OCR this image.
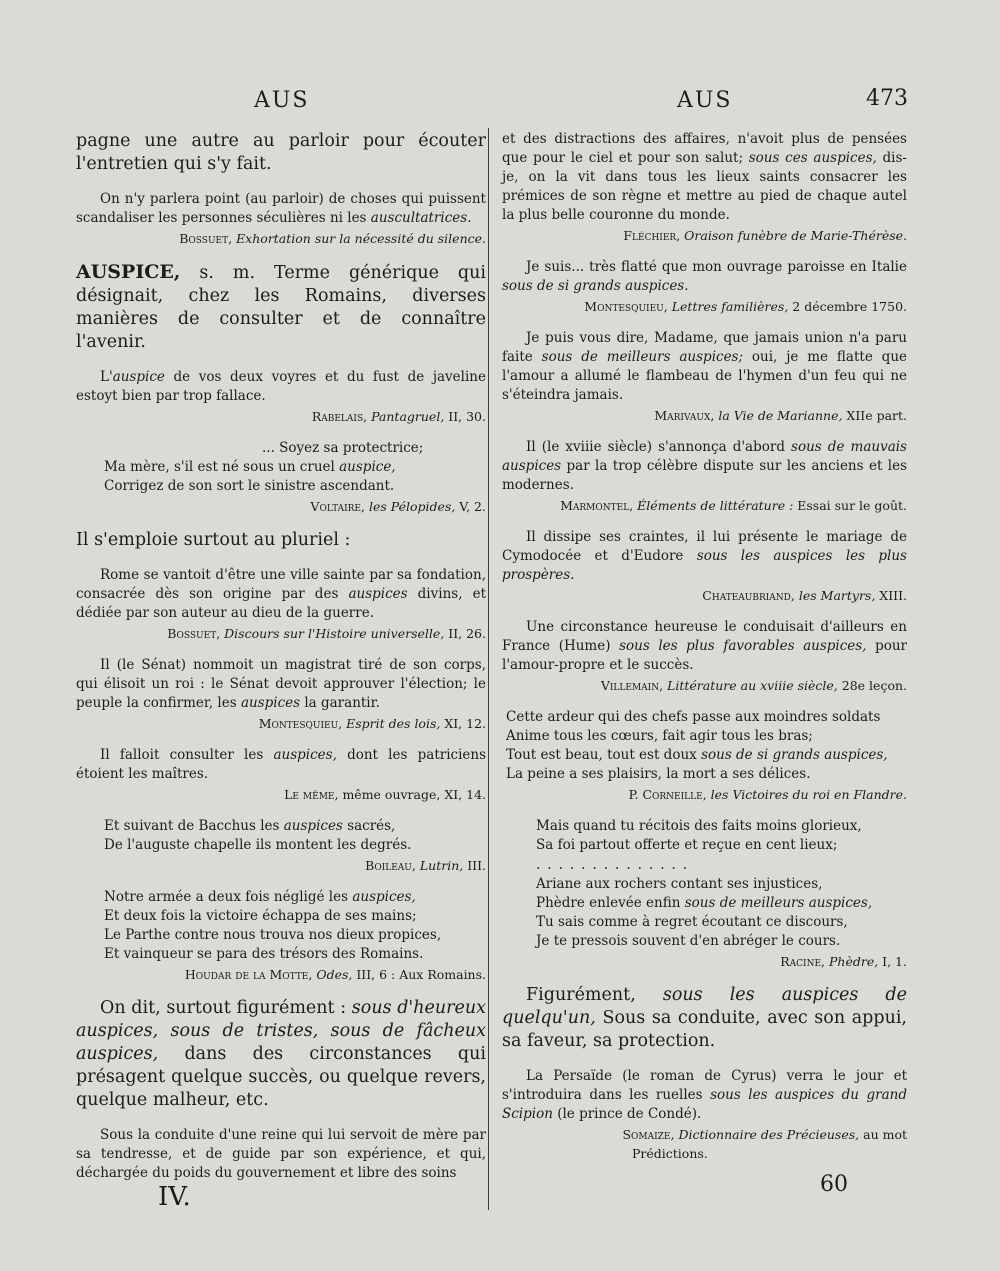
AUS	AUS	473

pagne une autre au parloir pour écouter l'entretien qui s'y fait.

On n'y parlera point (au parloir) de choses qui puissent scandaliser les personnes séculières ni les auscultatrices.

Bossuet, Exhortation sur la nécessité du silence.

AUSPICE, s. m. Terme générique qui désignait, chez les Romains, diverses manières de consulter et de connaître l'avenir.

L'auspice de vos deux voyres et du fust de javeline estoyt bien par trop fallace.

Rabelais, Pantagruel, II, 30.

... Soyez sa protectrice;

Ma mère, s'il est né sous un cruel auspice,

Corrigez de son sort le sinistre ascendant.

Voltaire, les Pélopides, V, 2.

Il s'emploie surtout au pluriel :

Rome se vantoit d'être une ville sainte par sa fondation, consacrée dès son origine par des auspices divins, et dédiée par son auteur au dieu de la guerre.

Bossuet, Discours sur l'Histoire universelle, II, 26.

Il (le Sénat) nommoit un magistrat tiré de son corps, qui élisoit un roi : le Sénat devoit approuver l'élection; le peuple la confirmer, les auspices la garantir.

Montesquieu, Esprit des lois, XI, 12.

Il falloit consulter les auspices, dont les patriciens étoient les maîtres.

Le même, même ouvrage, XI, 14.

Et suivant de Bacchus les auspices sacrés,

De l'auguste chapelle ils montent les degrés.

Boileau, Lutrin, III.

Notre armée a deux fois négligé les auspices,

Et deux fois la victoire échappa de ses mains;

Le Parthe contre nous trouva nos dieux propices,

Et vainqueur se para des trésors des Romains.

Houdar de la Motte, Odes, III, 6 : Aux Romains.

On dit, surtout figurément : sous d'heureux auspices, sous de tristes, sous de fâcheux auspices, dans des circonstances qui présagent quelque succès, ou quelque revers, quelque malheur, etc.

Sous la conduite d'une reine qui lui servoit de mère par sa tendresse, et de guide par son expérience, et qui, déchargée du poids du gouvernement et libre des soins

et des distractions des affaires, n'avoit plus de pensées que pour le ciel et pour son salut; sous ces auspices, dis-je, on la vit dans tous les lieux saints consacrer les prémices de son règne et mettre au pied de chaque autel la plus belle couronne du monde.

Fléchier, Oraison funèbre de Marie-Thérèse.

Je suis... très flatté que mon ouvrage paroisse en Italie sous de si grands auspices.

Montesquieu, Lettres familières, 2 décembre 1750.

Je puis vous dire, Madame, que jamais union n'a paru faite sous de meilleurs auspices; oui, je me flatte que l'amour a allumé le flambeau de l'hymen d'un feu qui ne s'éteindra jamais.

Marivaux, la Vie de Marianne, XIIe part.

Il (le xviiie siècle) s'annonça d'abord sous de mauvais auspices par la trop célèbre dispute sur les anciens et les modernes.

Marmontel, Éléments de littérature : Essai sur le goût.

Il dissipe ses craintes, il lui présente le mariage de Cymodocée et d'Eudore sous les auspices les plus prospères.

Chateaubriand, les Martyrs, XIII.

Une circonstance heureuse le conduisait d'ailleurs en France (Hume) sous les plus favorables auspices, pour l'amour-propre et le succès.

Villemain, Littérature au xviiie siècle, 28e leçon.

Cette ardeur qui des chefs passe aux moindres soldats

Anime tous les cœurs, fait agir tous les bras;

Tout est beau, tout est doux sous de si grands auspices,

La peine a ses plaisirs, la mort a ses délices.

P. Corneille, les Victoires du roi en Flandre.

Mais quand tu récitois des faits moins glorieux,

Sa foi partout offerte et reçue en cent lieux;

..............

Ariane aux rochers contant ses injustices,

Phèdre enlevée enfin sous de meilleurs auspices,

Tu sais comme à regret écoutant ce discours,

Je te pressois souvent d'en abréger le cours.

Racine, Phèdre, I, 1.

Figurément, sous les auspices de quelqu'un, Sous sa conduite, avec son appui, sa faveur, sa protection.

La Persaïde (le roman de Cyrus) verra le jour et s'introduira dans les ruelles sous les auspices du grand Scipion (le prince de Condé).

Somaize, Dictionnaire des Précieuses, au mot

Prédictions.

IV.	60
